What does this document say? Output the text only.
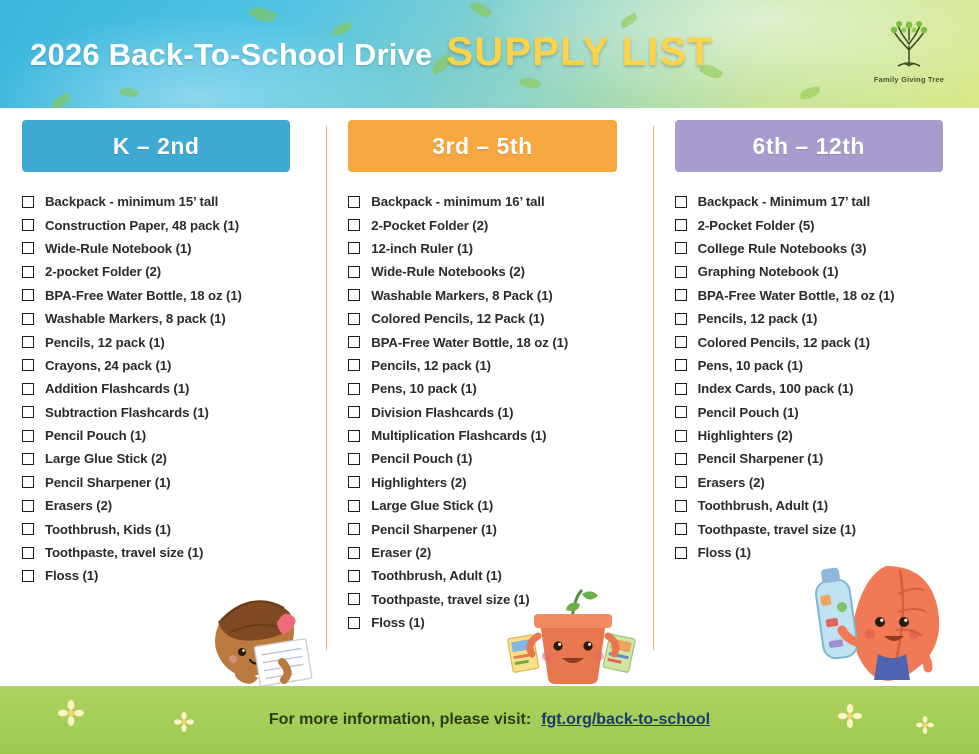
2026 Back-To-School Drive SUPPLY LIST
Family Giving Tree
K – 2nd
Backpack - minimum 15’ tall
Construction Paper, 48 pack (1)
Wide-Rule Notebook (1)
2-pocket Folder (2)
BPA-Free Water Bottle, 18 oz (1)
Washable Markers, 8 pack (1)
Pencils, 12 pack (1)
Crayons, 24 pack (1)
Addition Flashcards (1)
Subtraction Flashcards (1)
Pencil Pouch (1)
Large Glue Stick (2)
Pencil Sharpener (1)
Erasers (2)
Toothbrush, Kids (1)
Toothpaste, travel size (1)
Floss (1)
3rd – 5th
Backpack - minimum 16’ tall
2-Pocket Folder (2)
12-inch Ruler (1)
Wide-Rule Notebooks (2)
Washable Markers, 8 Pack (1)
Colored Pencils, 12 Pack (1)
BPA-Free Water Bottle, 18 oz (1)
Pencils, 12 pack (1)
Pens, 10 pack (1)
Division Flashcards (1)
Multiplication Flashcards (1)
Pencil Pouch (1)
Highlighters (2)
Large Glue Stick (1)
Pencil Sharpener (1)
Eraser (2)
Toothbrush, Adult (1)
Toothpaste, travel size (1)
Floss (1)
6th – 12th
Backpack - Minimum 17’ tall
2-Pocket Folder (5)
College Rule Notebooks (3)
Graphing Notebook (1)
BPA-Free Water Bottle, 18 oz (1)
Pencils, 12 pack (1)
Colored Pencils, 12 pack (1)
Pens, 10 pack (1)
Index Cards, 100 pack (1)
Pencil Pouch (1)
Highlighters (2)
Pencil Sharpener (1)
Erasers (2)
Toothbrush, Adult (1)
Toothpaste, travel size (1)
Floss (1)
For more information, please visit: fgt.org/back-to-school
